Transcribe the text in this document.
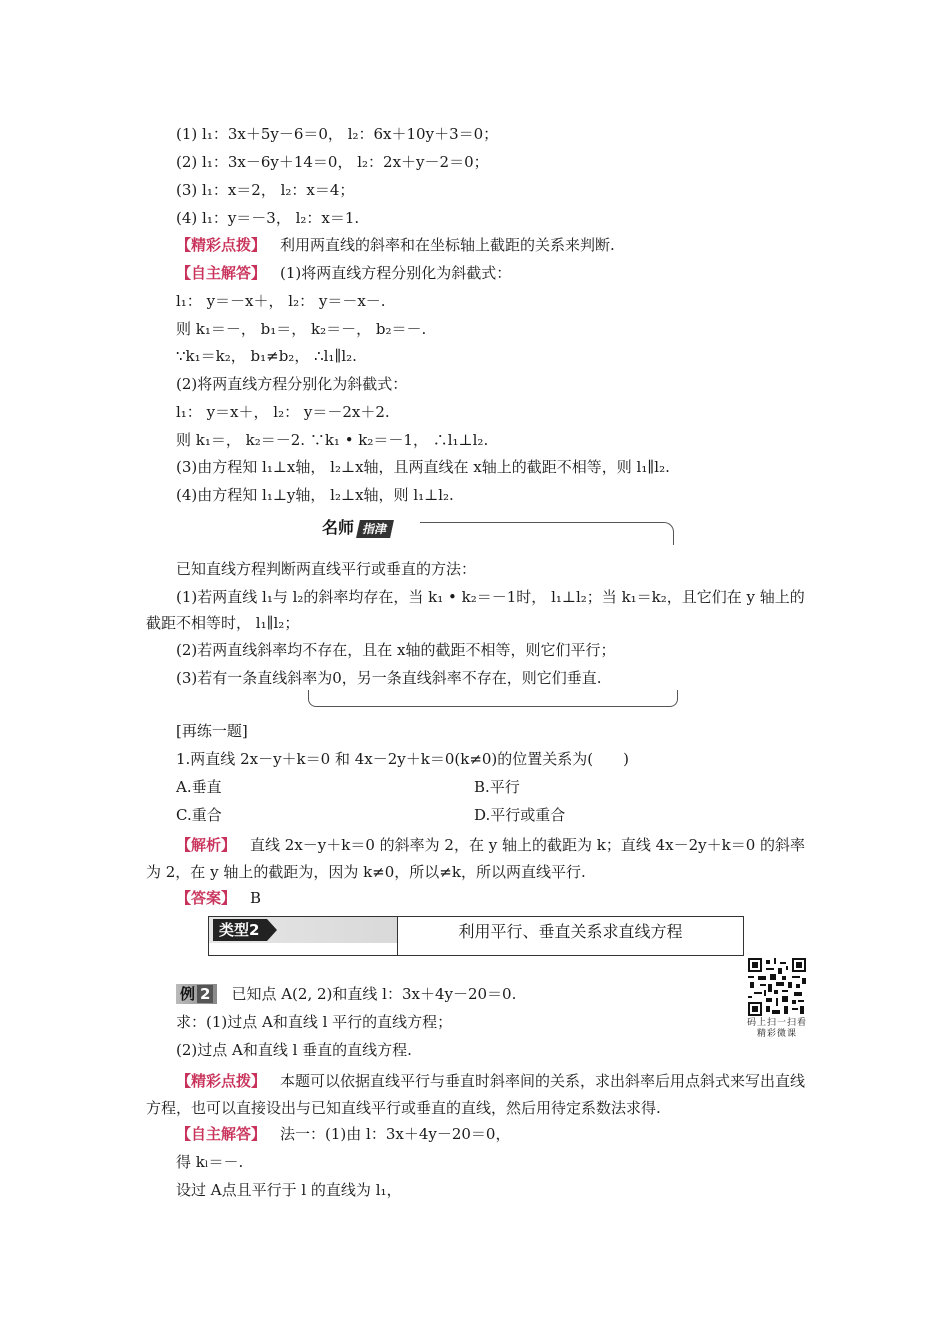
(1) l₁：3x＋5y－6＝0， l₂：6x＋10y＋3＝0；
(2) l₁：3x－6y＋14＝0， l₂：2x＋y－2＝0；
(3) l₁：x＝2， l₂：x＝4；
(4) l₁：y＝－3， l₂：x＝1.
【精彩点拨】 利用两直线的斜率和在坐标轴上截距的关系来判断.
【自主解答】 (1)将两直线方程分别化为斜截式：
l₁： y＝－x＋， l₂： y＝－x－.
则 k₁＝－， b₁＝， k₂＝－， b₂＝－.
∵k₁＝k₂， b₁≠b₂， ∴l₁∥l₂.
(2)将两直线方程分别化为斜截式：
l₁： y＝x＋， l₂： y＝－2x＋2.
则 k₁＝， k₂＝－2. ∵k₁ • k₂＝－1， ∴l₁⊥l₂.
(3)由方程知 l₁⊥x轴， l₂⊥x轴，且两直线在 x轴上的截距不相等，则 l₁∥l₂.
(4)由方程知 l₁⊥y轴， l₂⊥x轴，则 l₁⊥l₂.
名师 指津
已知直线方程判断两直线平行或垂直的方法：
(1)若两直线 l₁与 l₂的斜率均存在，当 k₁ • k₂＝－1时， l₁⊥l₂；当 k₁＝k₂，且它们在 y 轴上的截距不相等时， l₁∥l₂；
(2)若两直线斜率均不存在，且在 x轴的截距不相等，则它们平行；
(3)若有一条直线斜率为0，另一条直线斜率不存在，则它们垂直.
[再练一题]
1.两直线 2x－y＋k＝0 和 4x－2y＋k＝0(k≠0)的位置关系为(　　)
A.垂直	B.平行
C.重合	D.平行或重合
【解析】 直线 2x－y＋k＝0 的斜率为 2，在 y 轴上的截距为 k；直线 4x－2y＋k＝0 的斜率为 2，在 y 轴上的截距为，因为 k≠0，所以≠k，所以两直线平行.
【答案】 B
类型2	利用平行、垂直关系求直线方程
例 2 已知点 A(2, 2)和直线 l：3x＋4y－20＝0.
码上扫一扫看精彩微课
求：(1)过点 A和直线 l 平行的直线方程；
(2)过点 A和直线 l 垂直的直线方程.
【精彩点拨】 本题可以依据直线平行与垂直时斜率间的关系，求出斜率后用点斜式来写出直线方程，也可以直接设出与已知直线平行或垂直的直线，然后用待定系数法求得.
【自主解答】 法一：(1)由 l：3x＋4y－20＝0，
得 kₗ＝－.
设过 A点且平行于 l 的直线为 l₁，
